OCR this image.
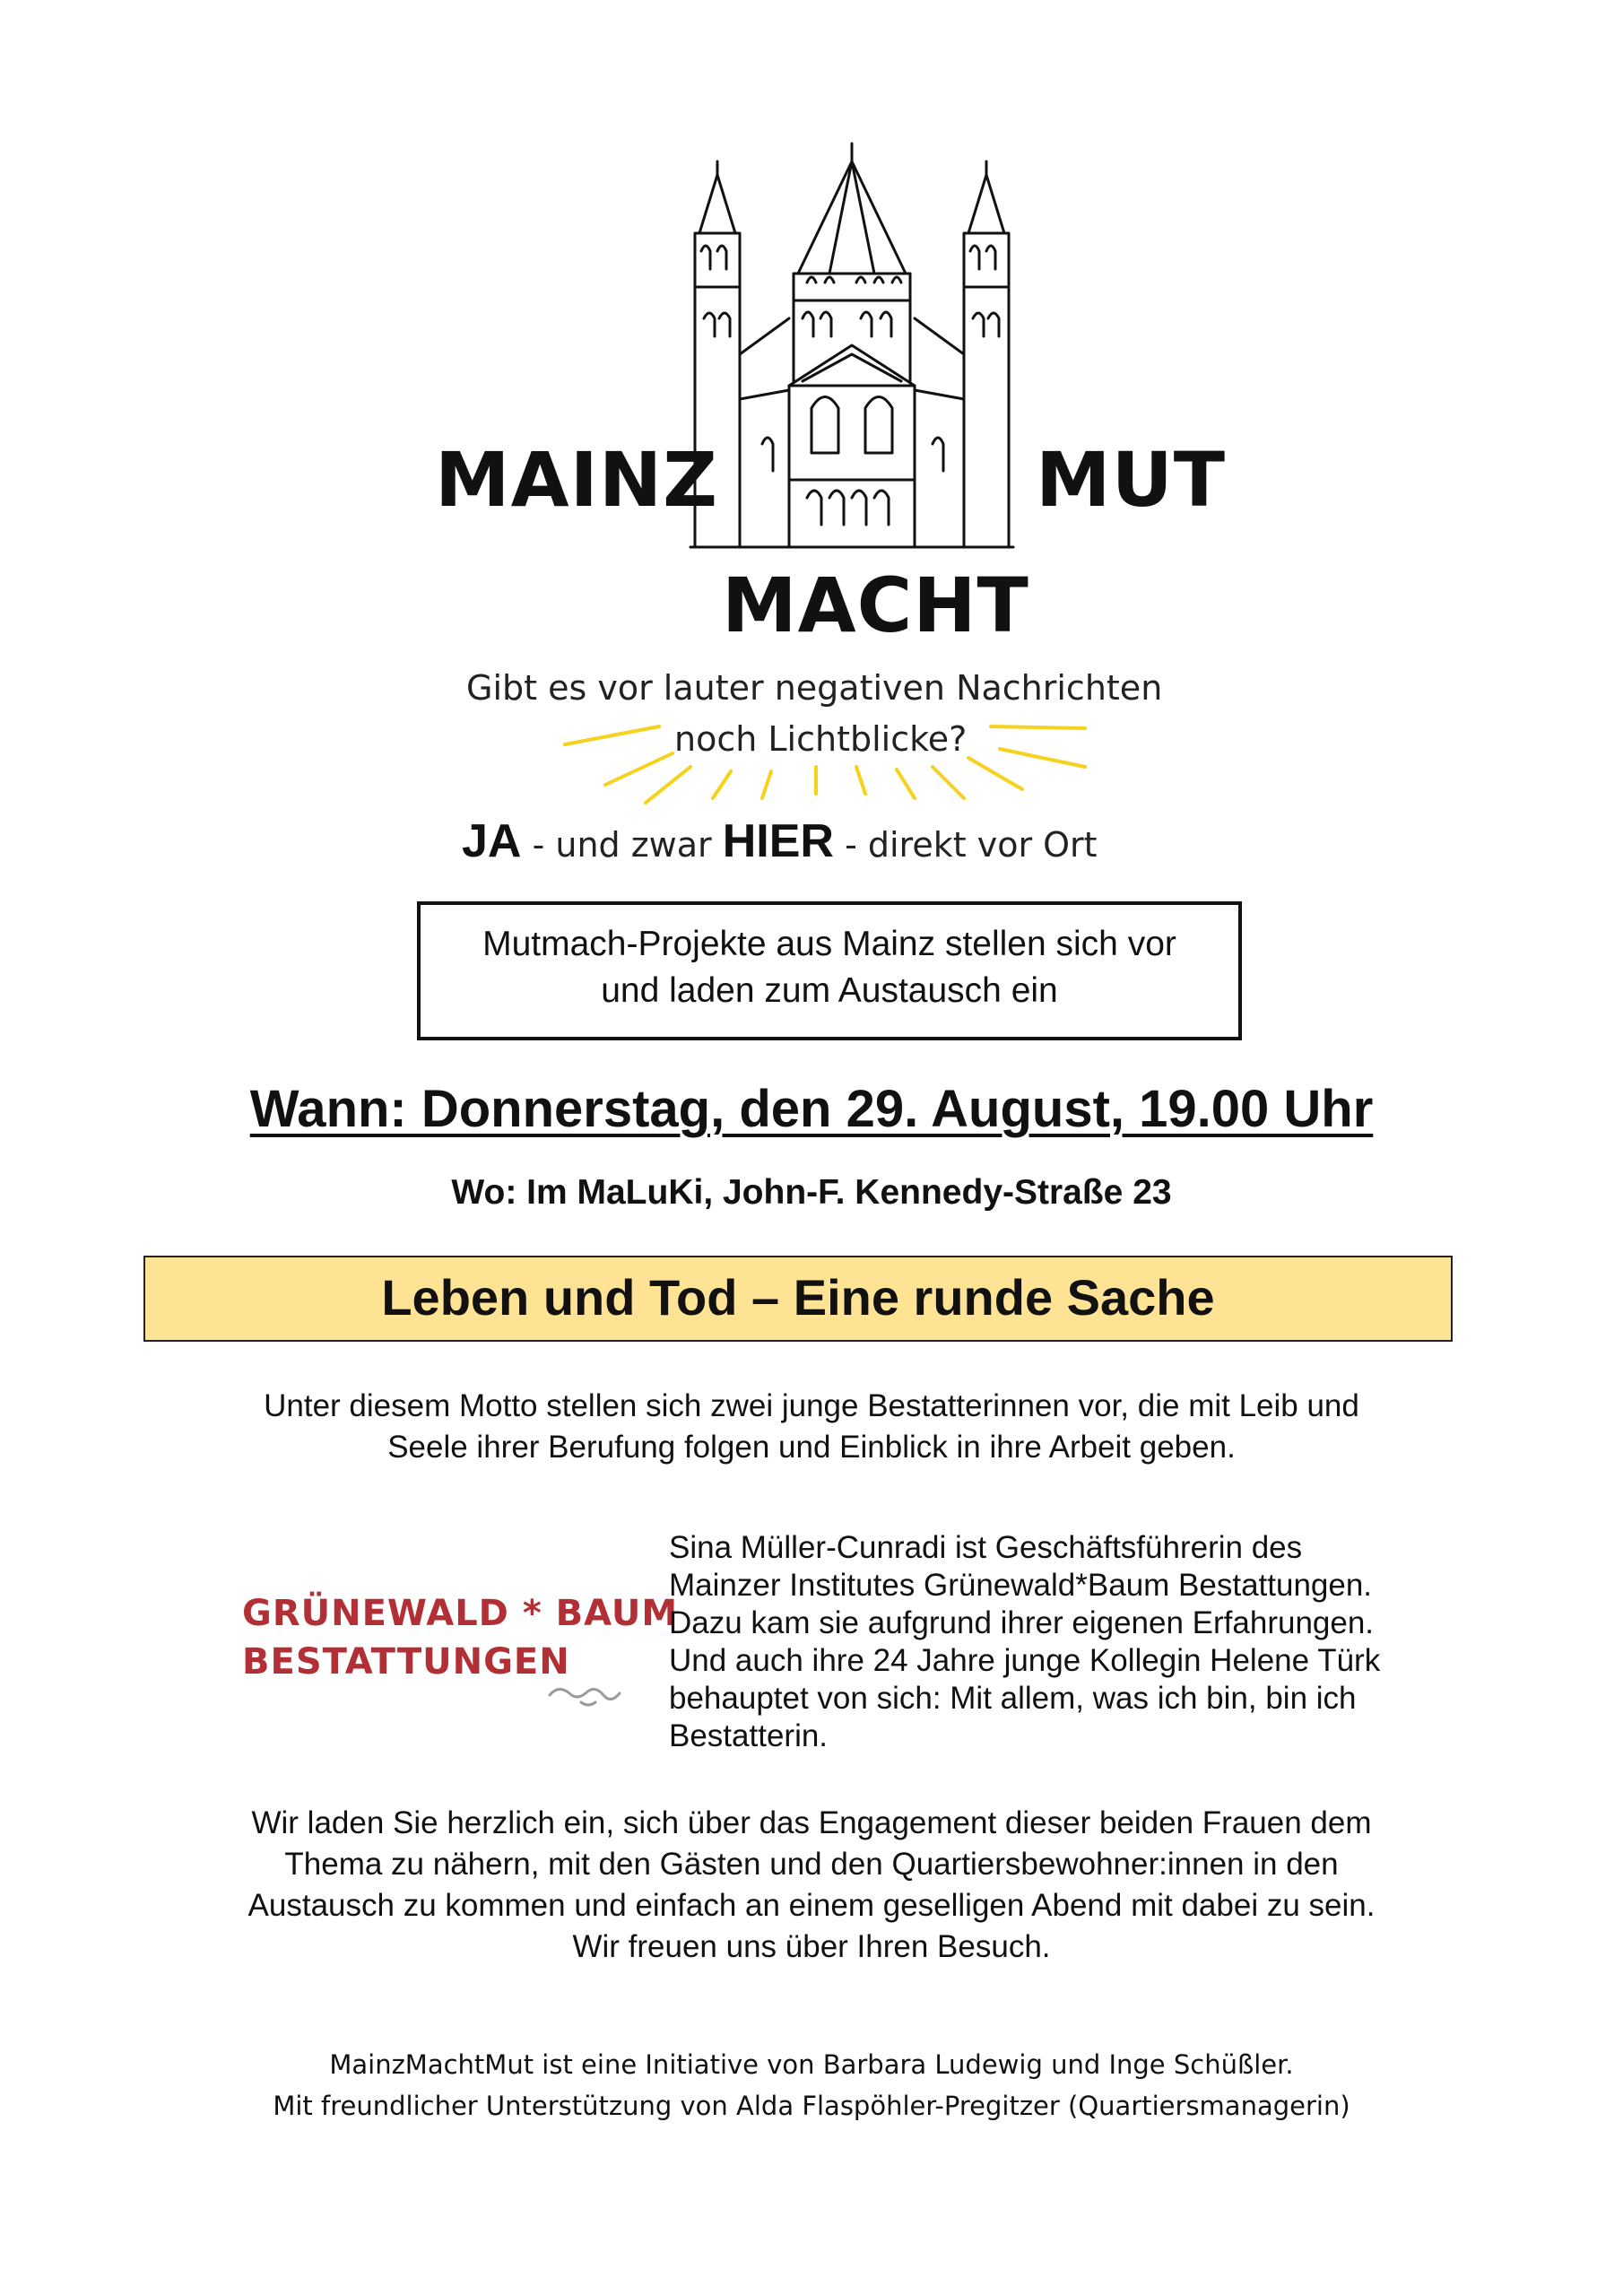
MAINZ	MUT
MACHT
Gibt es vor lauter negativen Nachrichten
noch Lichtblicke?
JA - und zwar HIER - direkt vor Ort
Mutmach-Projekte aus Mainz stellen sich vor
und laden zum Austausch ein
Wann: Donnerstag, den 29. August, 19.00 Uhr
Wo: Im MaLuKi, John-F. Kennedy-Straße 23
Leben und Tod – Eine runde Sache
Unter diesem Motto stellen sich zwei junge Bestatterinnen vor, die mit Leib und
Seele ihrer Berufung folgen und Einblick in ihre Arbeit geben.
GRÜNEWALD * BAUM
BESTATTUNGEN
Sina Müller-Cunradi ist Geschäftsführerin des
Mainzer Institutes Grünewald*Baum Bestattungen.
Dazu kam sie aufgrund ihrer eigenen Erfahrungen.
Und auch ihre 24 Jahre junge Kollegin Helene Türk
behauptet von sich: Mit allem, was ich bin, bin ich
Bestatterin.
Wir laden Sie herzlich ein, sich über das Engagement dieser beiden Frauen dem
Thema zu nähern, mit den Gästen und den Quartiersbewohner:innen in den
Austausch zu kommen und einfach an einem geselligen Abend mit dabei zu sein.
Wir freuen uns über Ihren Besuch.
MainzMachtMut ist eine Initiative von Barbara Ludewig und Inge Schüßler.
Mit freundlicher Unterstützung von Alda Flaspöhler-Pregitzer (Quartiersmanagerin)
